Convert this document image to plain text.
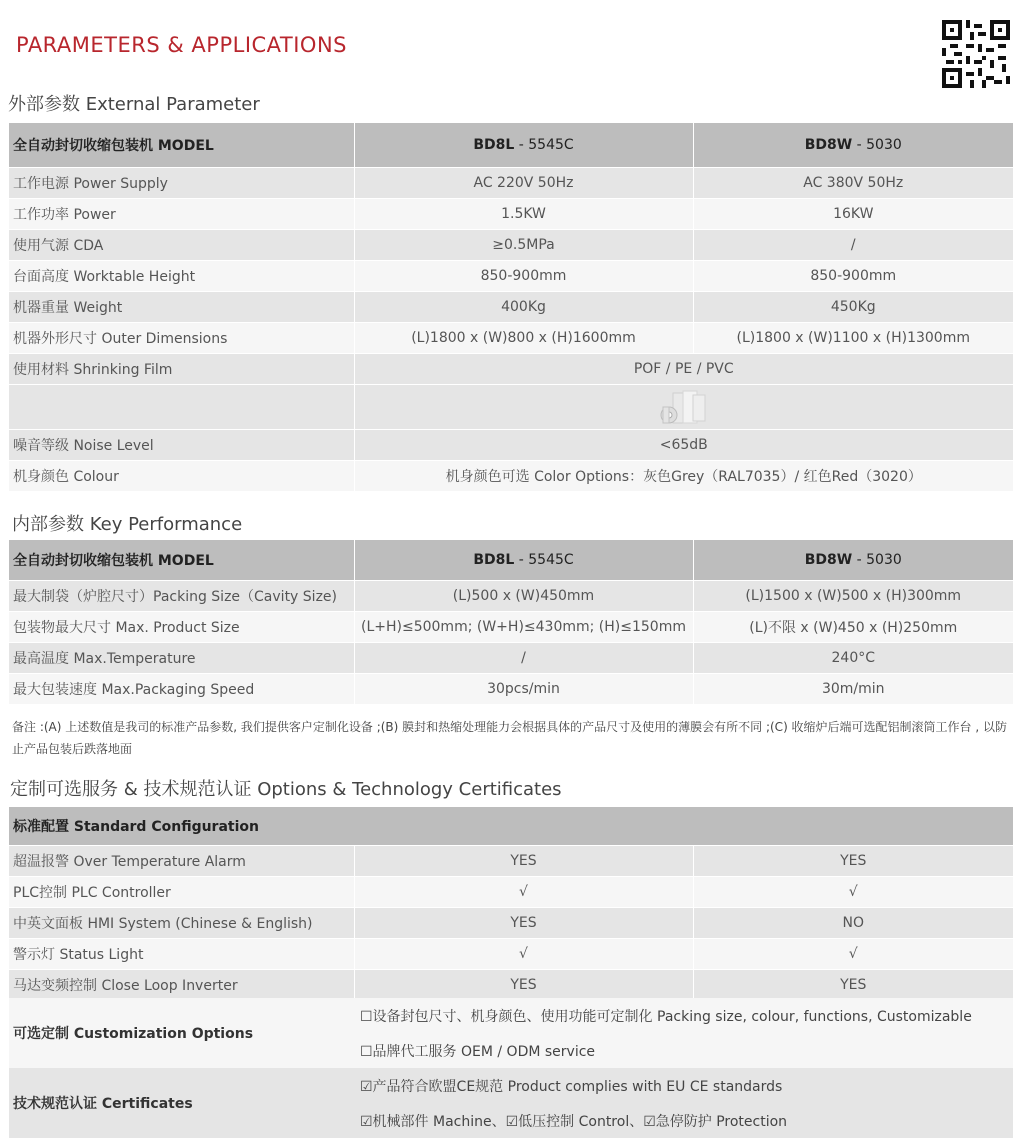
PARAMETERS & APPLICATIONS
外部参数 External Parameter
全自动封切收缩包装机 MODEL	BD8L - 5545C	BD8W - 5030
工作电源 Power Supply	AC 220V 50Hz	AC 380V 50Hz
工作功率 Power	1.5KW	16KW
使用气源 CDA	≥0.5MPa	/
台面高度 Worktable Height	850-900mm	850-900mm
机器重量 Weight	400Kg	450Kg
机器外形尺寸 Outer Dimensions	(L)1800 x (W)800 x (H)1600mm	(L)1800 x (W)1100 x (H)1300mm
使用材料 Shrinking Film	POF / PE / PVC	

噪音等级 Noise Level	<65dB	
机身颜色 Colour	机身颜色可选 Color Options：灰色Grey（RAL7035）/ 红色Red（3020）	
内部参数 Key Performance
全自动封切收缩包装机 MODEL	BD8L - 5545C	BD8W - 5030
最大制袋（炉腔尺寸）Packing Size（Cavity Size)	(L)500 x (W)450mm	(L)1500 x (W)500 x (H)300mm
包装物最大尺寸 Max. Product Size	(L+H)≤500mm; (W+H)≤430mm; (H)≤150mm	(L)不限 x (W)450 x (H)250mm
最高温度 Max.Temperature	/	240°C
最大包装速度 Max.Packaging Speed	30pcs/min	30m/min
备注 :(A) 上述数值是我司的标准产品参数, 我们提供客户定制化设备 ;(B) 膜封和热缩处理能力会根据具体的产品尺寸及使用的薄膜会有所不同 ;(C) 收缩炉后端可选配铝制滚筒工作台 , 以防止产品包装后跌落地面
定制可选服务 & 技术规范认证 Options & Technology Certificates
标准配置 Standard Configuration		
超温报警 Over Temperature Alarm	YES	YES
PLC控制 PLC Controller	√	√
中英文面板 HMI System (Chinese & English)	YES	NO
警示灯 Status Light	√	√
马达变频控制 Close Loop Inverter	YES	YES
可选定制 Customization Options	☐设备封包尺寸、机身颜色、使用功能可定制化 Packing size, colour, functions, Customizable
	☐品牌代工服务 OEM / ODM service
技术规范认证 Certificates	☑产品符合欧盟CE规范 Product complies with EU CE standards
	☑机械部件 Machine、☑低压控制 Control、☑急停防护 Protection
